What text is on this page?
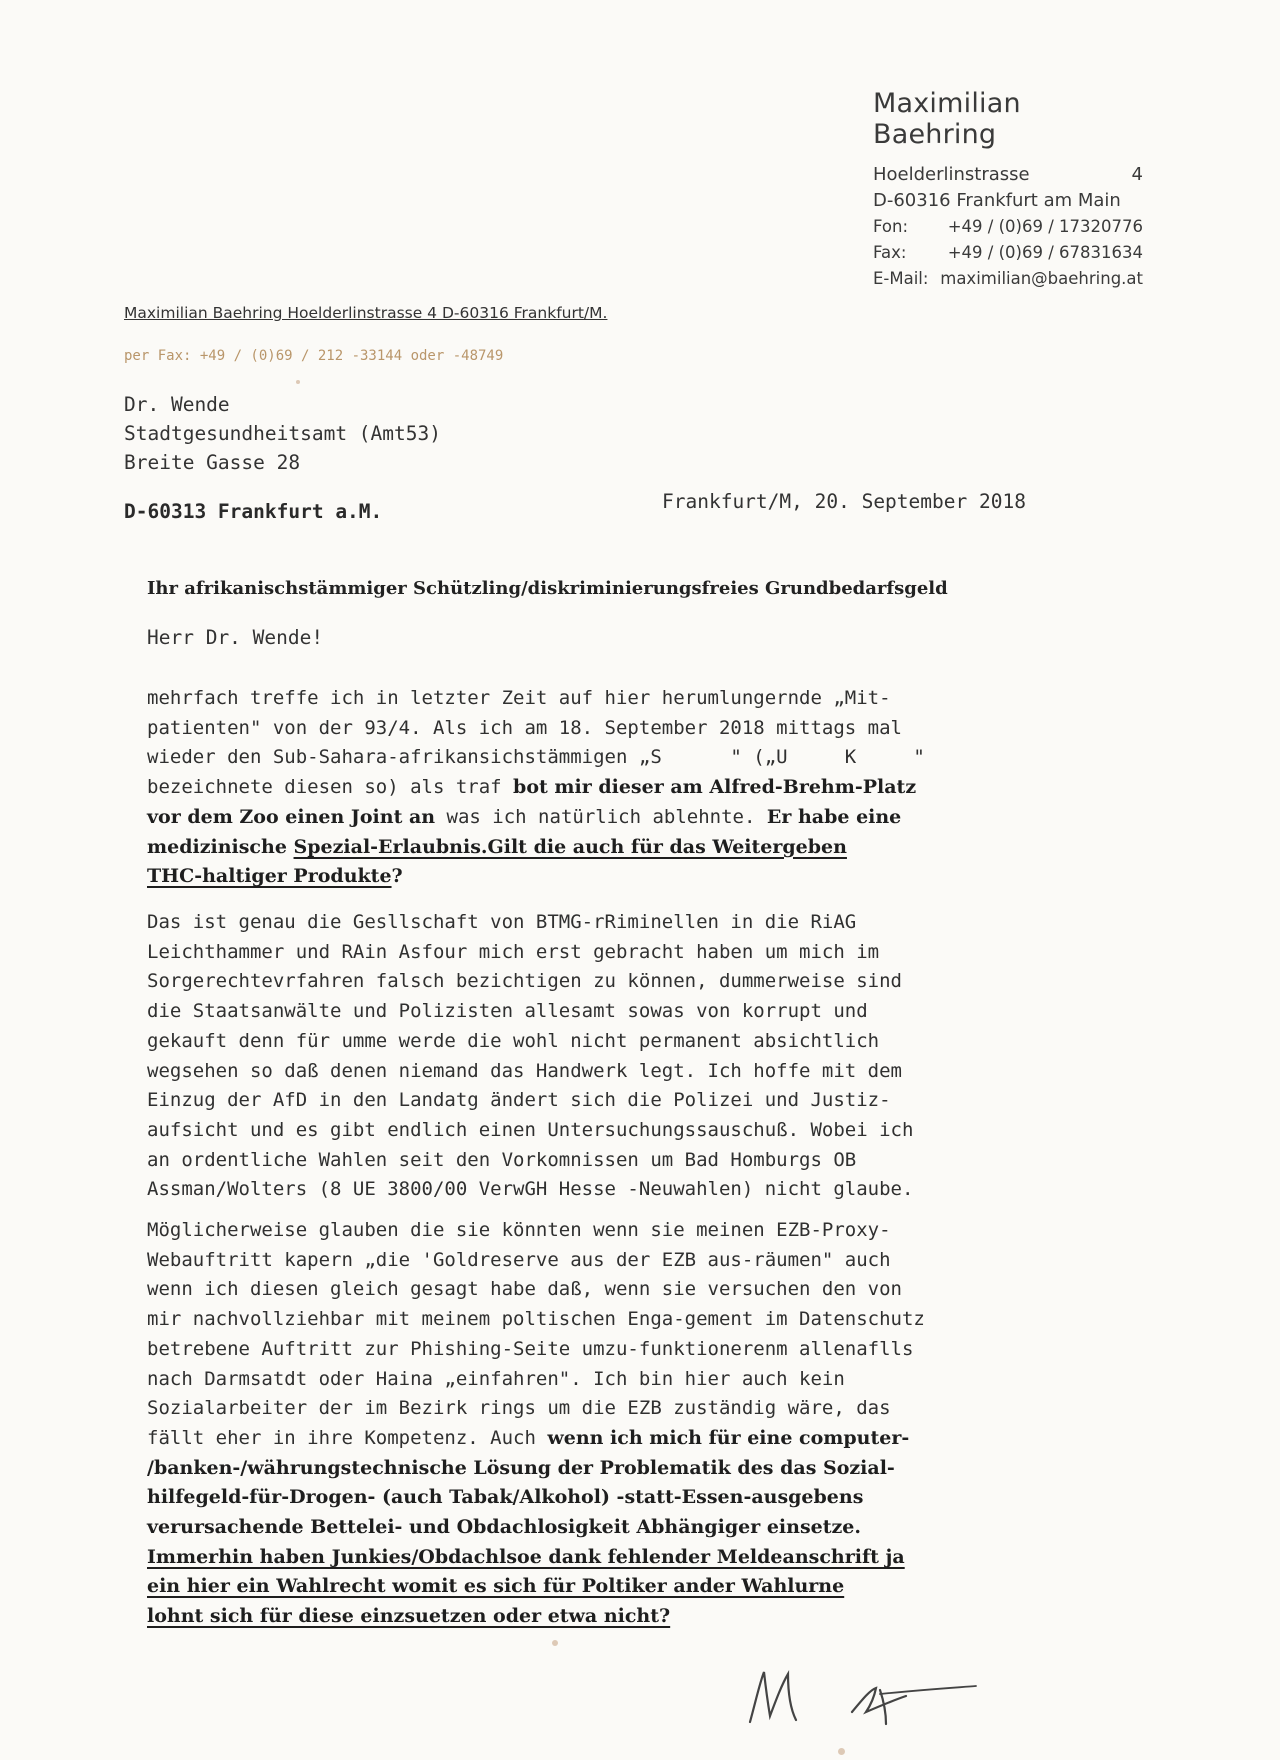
Maximilian Baehring
Hoelderlinstrasse	4
D-60316 Frankfurt am Main
Fon: +49 / (0)69 / 17320776
Fax:	+49 / (0)69 / 67831634
E-Mail: maximilian@baehring.at
Maximilian Baehring Hoelderlinstrasse 4 D-60316 Frankfurt/M.
per Fax: +49 / (0)69 / 212 -33144 oder -48749
Dr. Wende
Stadtgesundheitsamt (Amt53)
Breite Gasse 28
D-60313 Frankfurt a.M.	Frankfurt/M, 20. September 2018
Ihr afrikanischstämmiger Schützling/diskriminierungsfreies Grundbedarfsgeld
Herr Dr. Wende!
mehrfach treffe ich in letzter Zeit auf hier herumlungernde „Mit-
patienten" von der 93/4. Als ich am 18. September 2018 mittags mal
wieder den Sub-Sahara-afrikansichstämmigen „S      " („U     K     "
bezeichnete diesen so) als traf bot mir dieser am Alfred-Brehm-Platz
vor dem Zoo einen Joint an was ich natürlich ablehnte. Er habe eine
medizinische Spezial-Erlaubnis.Gilt die auch für das Weitergeben
THC-haltiger Produkte?
Das ist genau die Gesllschaft von BTMG-rRiminellen in die RiAG
Leichthammer und RAin Asfour mich erst gebracht haben um mich im
Sorgerechtevrfahren falsch bezichtigen zu können, dummerweise sind
die Staatsanwälte und Polizisten allesamt sowas von korrupt und
gekauft denn für umme werde die wohl nicht permanent absichtlich
wegsehen so daß denen niemand das Handwerk legt. Ich hoffe mit dem
Einzug der AfD in den Landatg ändert sich die Polizei und Justiz-
aufsicht und es gibt endlich einen Untersuchungssauschuß. Wobei ich
an ordentliche Wahlen seit den Vorkomnissen um Bad Homburgs OB
Assman/Wolters (8 UE 3800/00 VerwGH Hesse -Neuwahlen) nicht glaube.
Möglicherweise glauben die sie könnten wenn sie meinen EZB-Proxy-
Webauftritt kapern „die 'Goldreserve aus der EZB aus-räumen" auch
wenn ich diesen gleich gesagt habe daß, wenn sie versuchen den von
mir nachvollziehbar mit meinem poltischen Enga-gement im Datenschutz
betrebene Auftritt zur Phishing-Seite umzu-funktionerenm allenaflls
nach Darmsatdt oder Haina „einfahren". Ich bin hier auch kein
Sozialarbeiter der im Bezirk rings um die EZB zuständig wäre, das
fällt eher in ihre Kompetenz. Auch wenn ich mich für eine computer-
/banken-/währungstechnische Lösung der Problematik des das Sozial-
hilfegeld-für-Drogen- (auch Tabak/Alkohol) -statt-Essen-ausgebens
verursachende Bettelei- und Obdachlosigkeit Abhängiger einsetze.
Immerhin haben Junkies/Obdachlsoe dank fehlender Meldeanschrift ja
ein hier ein Wahlrecht womit es sich für Poltiker ander Wahlurne
lohnt sich für diese einzsuetzen oder etwa nicht?
